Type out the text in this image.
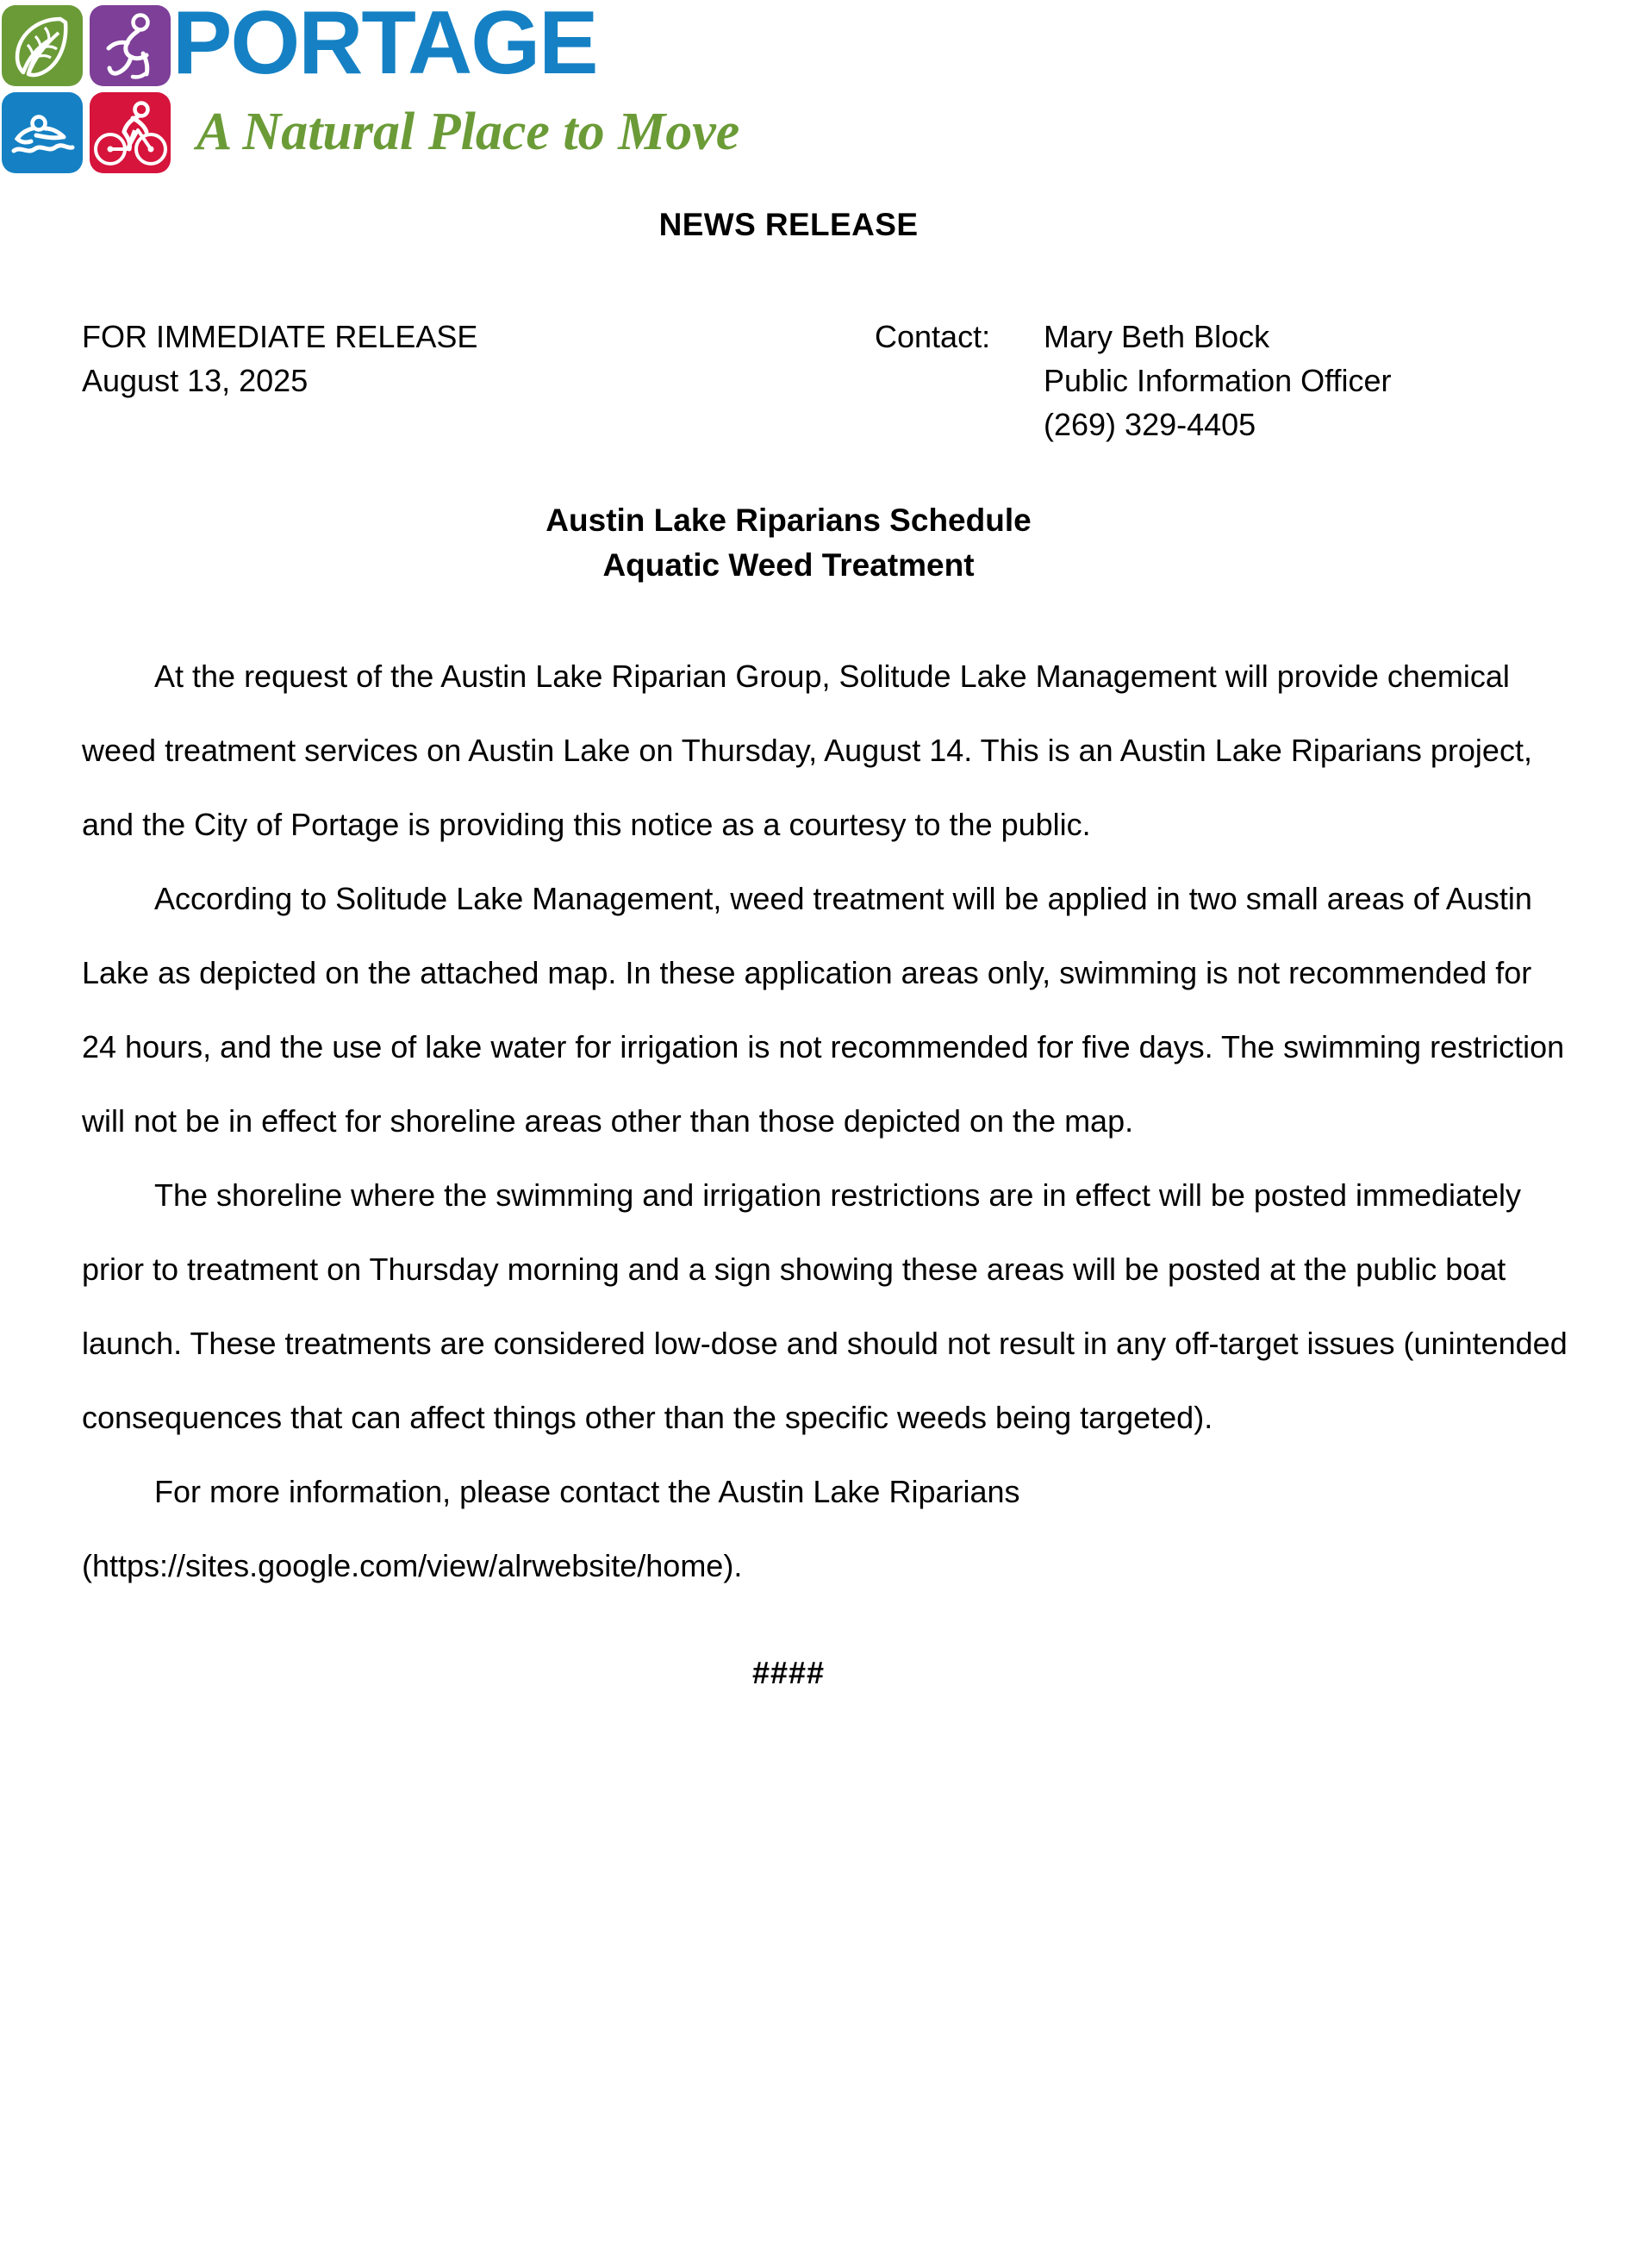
PORTAGE
A Natural Place to Move
NEWS RELEASE
FOR IMMEDIATE RELEASE
August 13, 2025
Contact: Mary Beth Block
Public Information Officer
(269) 329-4405
Austin Lake Riparians Schedule
Aquatic Weed Treatment

At the request of the Austin Lake Riparian Group, Solitude Lake Management will provide chemical weed treatment services on Austin Lake on Thursday, August 14. This is an Austin Lake Riparians project, and the City of Portage is providing this notice as a courtesy to the public.

According to Solitude Lake Management, weed treatment will be applied in two small areas of Austin Lake as depicted on the attached map. In these application areas only, swimming is not recommended for 24 hours, and the use of lake water for irrigation is not recommended for five days. The swimming restriction will not be in effect for shoreline areas other than those depicted on the map.

The shoreline where the swimming and irrigation restrictions are in effect will be posted immediately prior to treatment on Thursday morning and a sign showing these areas will be posted at the public boat launch. These treatments are considered low-dose and should not result in any off-target issues (unintended consequences that can affect things other than the specific weeds being targeted).

For more information, please contact the Austin Lake Riparians

(https://sites.google.com/view/alrwebsite/home).

####
